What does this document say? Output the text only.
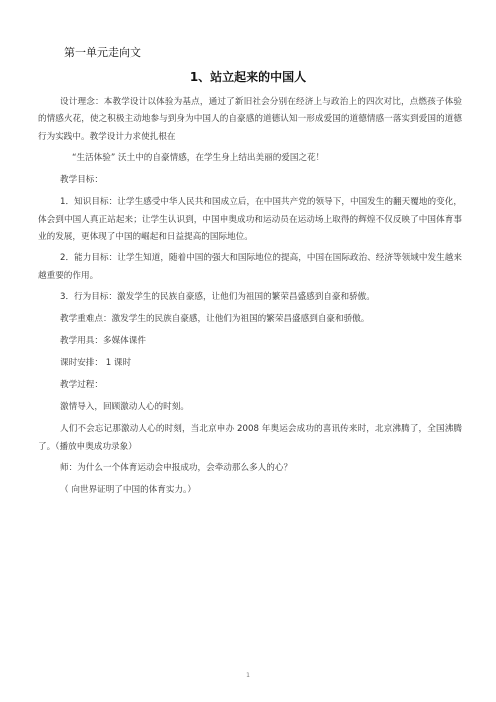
第一单元走向文
1、站立起来的中国人

设计理念：本教学设计以体验为基点，通过了新旧社会分别在经济上与政治上的四次对比，点燃孩子体验的情感火花，使之积极主动地参与到身为中国人的自豪感的道德认知一形成爱国的道德情感一落实到爱国的道德行为实践中。教学设计力求使扎根在

“生活体验” 沃土中的自豪情感，在学生身上结出美丽的爱国之花！

教学目标：

1．知识目标：让学生感受中华人民共和国成立后，在中国共产党的领导下，中国发生的翻天覆地的变化，体会到中国人真正站起来；让学生认识到，中国申奥成功和运动员在运动场上取得的辉煌不仅反映了中国体育事业的发展，更体现了中国的崛起和日益提高的国际地位。

2．能力目标：让学生知道，随着中国的强大和国际地位的提高，中国在国际政治、经济等领域中发生越来越重要的作用。

3．行为目标：激发学生的民族自豪感，让他们为祖国的繁荣昌盛感到自豪和骄傲。

教学重难点：激发学生的民族自豪感，让他们为祖国的繁荣昌盛感到自豪和骄傲。

教学用具：多媒体课件

课时安排： 1 课时

教学过程：

激情导入，回顾激动人心的时刻。

人们不会忘记那激动人心的时刻，当北京申办 2008 年奥运会成功的喜讯传来时，北京沸腾了，全国沸腾了。（播放申奥成功录象）

师：为什么一个体育运动会申报成功，会牵动那么多人的心？

（ 向世界证明了中国的体育实力。）

1
